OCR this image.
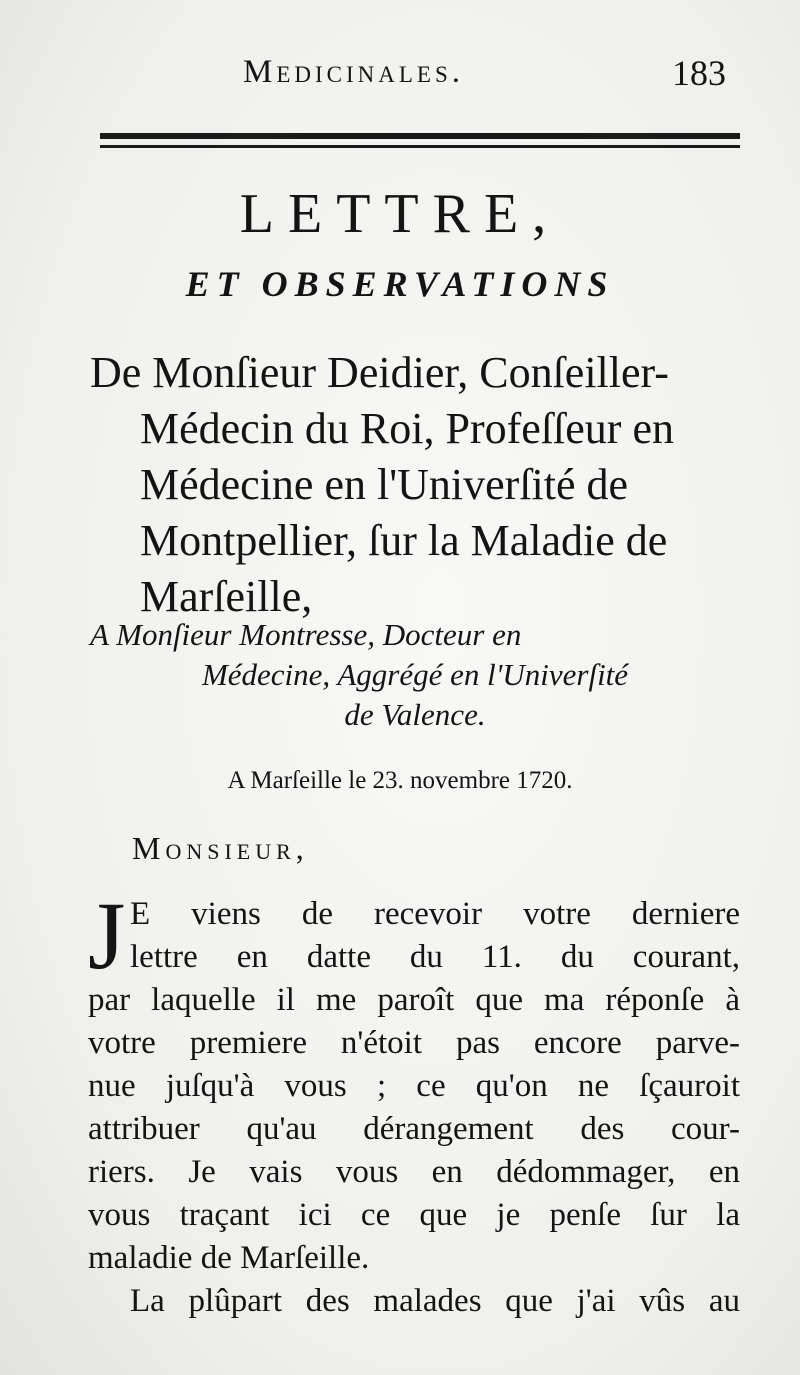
Medicinales.	183
LETTRE,
ET OBSERVATIONS
De Monſieur Deidier, Conſeiller-
Médecin du Roi, Profeſſeur en
Médecine en l'Univerſité de
Montpellier, ſur la Maladie de
Marſeille,
A Monſieur Montresse, Docteur en
Médecine, Aggrégé en l'Univerſité
de Valence.
A Marſeille le 23. novembre 1720.
Monsieur,
J E viens de recevoir votre derniere
lettre en datte du 11. du courant,
par laquelle il me paroît que ma réponſe à
votre premiere n'étoit pas encore parve-
nue juſqu'à vous ; ce qu'on ne ſçauroit
attribuer qu'au dérangement des cour-
riers. Je vais vous en dédommager, en
vous traçant ici ce que je penſe ſur la
maladie de Marſeille.
La plûpart des malades que j'ai vûs au
